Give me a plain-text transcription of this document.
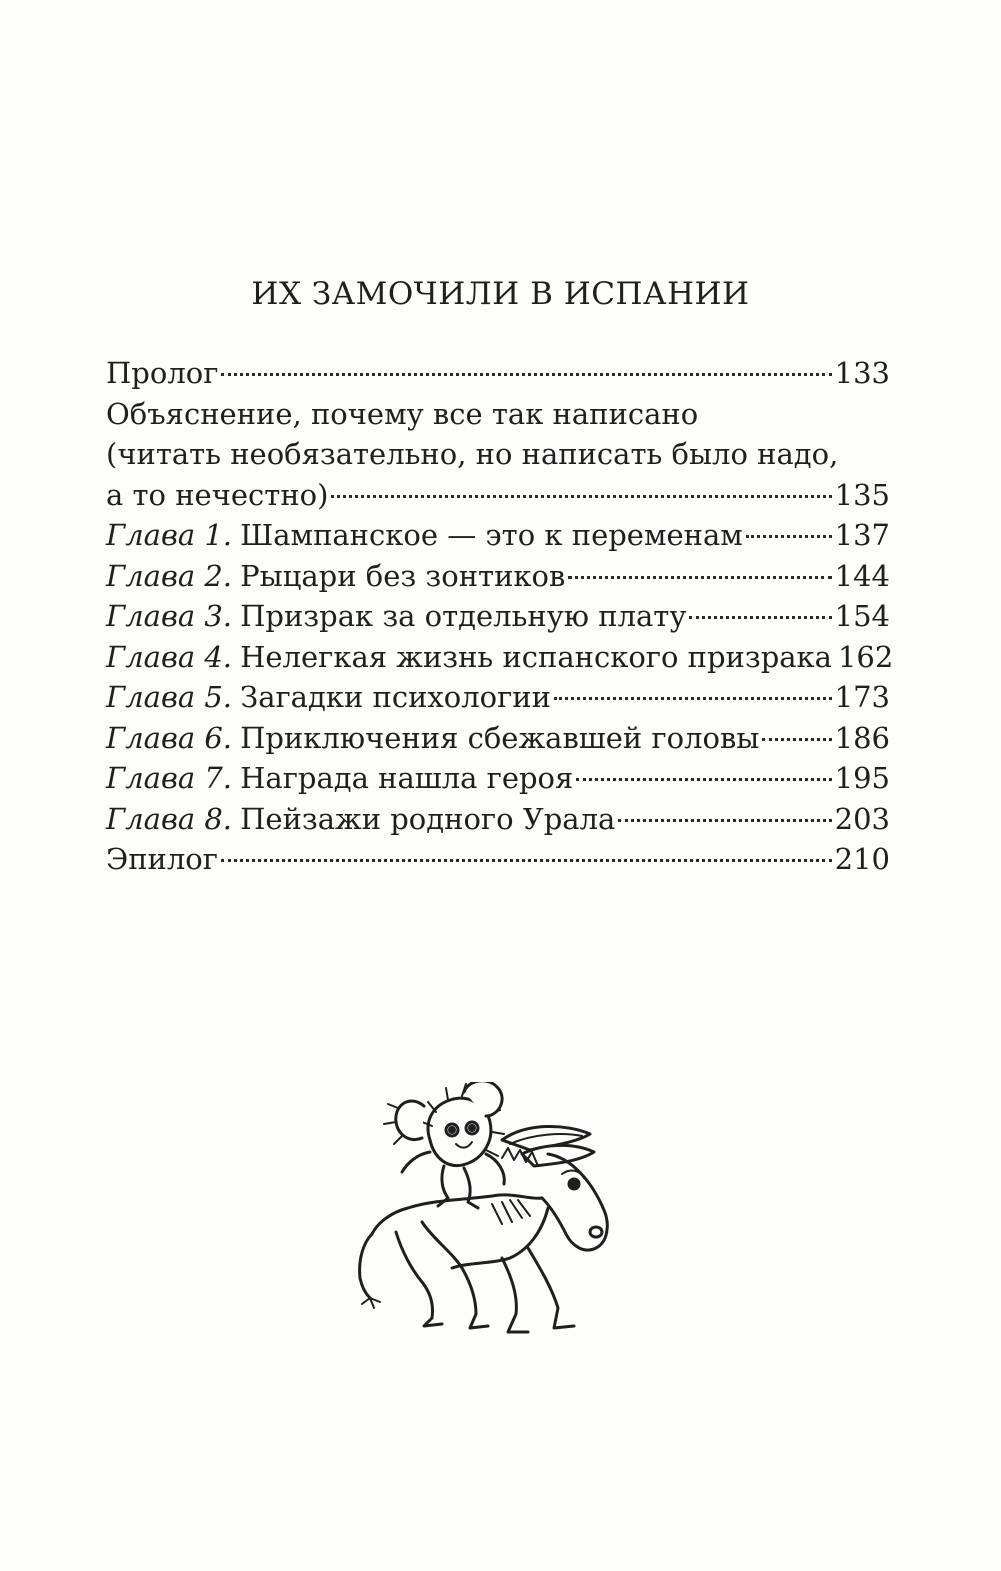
ИХ ЗАМОЧИЛИ В ИСПАНИИ
Пролог	133
Объяснение, почему все так написано
(читать необязательно, но написать было надо,
а то нечестно)	135
Глава 1. Шампанское — это к переменам	137
Глава 2. Рыцари без зонтиков	144
Глава 3. Призрак за отдельную плату	154
Глава 4. Нелегкая жизнь испанского призрака 162
Глава 5. Загадки психологии	173
Глава 6. Приключения сбежавшей головы	186
Глава 7. Награда нашла героя	195
Глава 8. Пейзажи родного Урала	203
Эпилог	210
